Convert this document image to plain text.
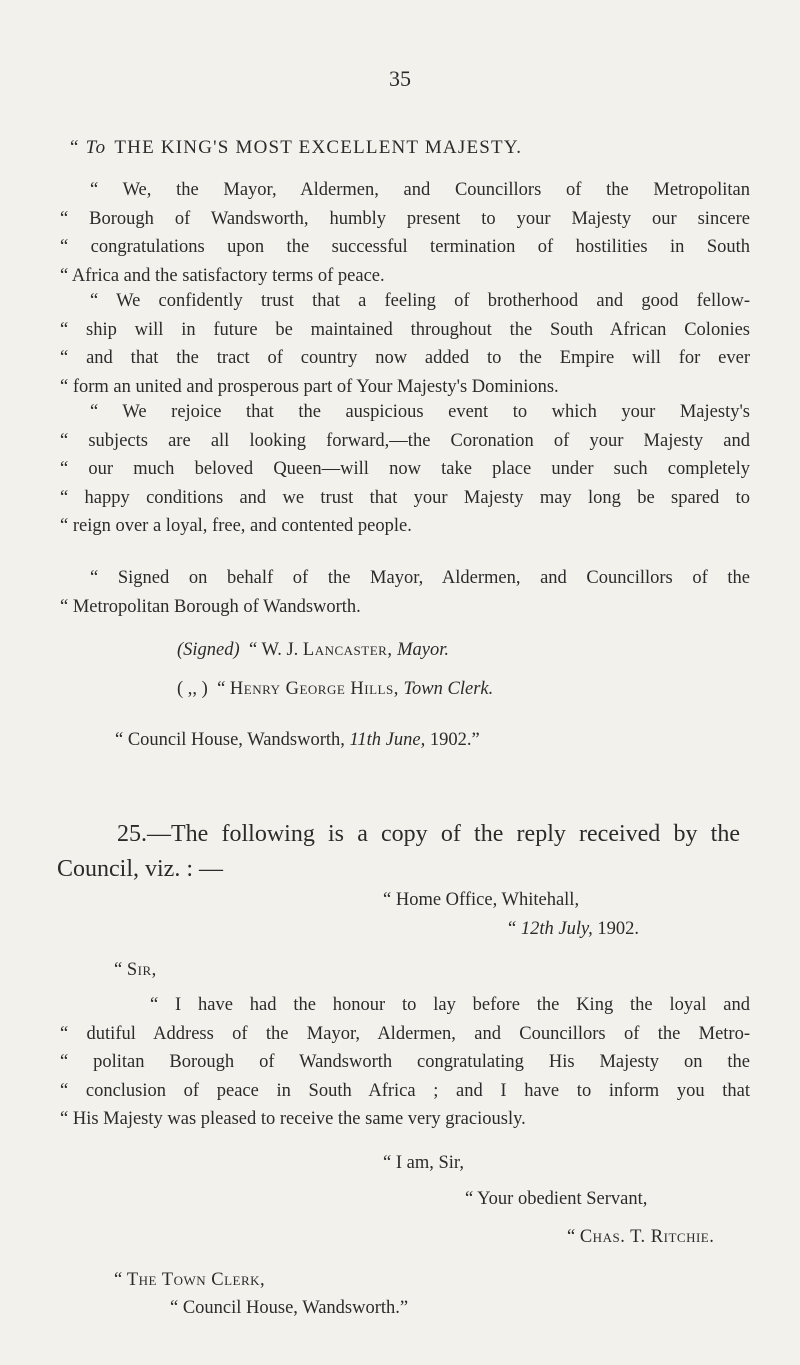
35
“ To THE KING'S MOST EXCELLENT MAJESTY.
“ We, the Mayor, Aldermen, and Councillors of the Metropolitan
“ Borough of Wandsworth, humbly present to your Majesty our sincere
“ congratulations upon the successful termination of hostilities in South
“ Africa and the satisfactory terms of peace.
“ We confidently trust that a feeling of brotherhood and good fellow-
“ ship will in future be maintained throughout the South African Colonies
“ and that the tract of country now added to the Empire will for ever
“ form an united and prosperous part of Your Majesty's Dominions.
“ We rejoice that the auspicious event to which your Majesty's
“ subjects are all looking forward,—the Coronation of your Majesty and
“ our much beloved Queen—will now take place under such completely
“ happy conditions and we trust that your Majesty may long be spared to
“ reign over a loyal, free, and contented people.
“ Signed on behalf of the Mayor, Aldermen, and Councillors of the
“ Metropolitan Borough of Wandsworth.
(Signed) “ W. J. Lancaster, Mayor.
( ,, ) “ Henry George Hills, Town Clerk.
“ Council House, Wandsworth, 11th June, 1902.”
25.—The following is a copy of the reply received by the
Council, viz. : —
“ Home Office, Whitehall,
“ 12th July, 1902.
“ Sir,
“ I have had the honour to lay before the King the loyal and
“ dutiful Address of the Mayor, Aldermen, and Councillors of the Metro-
“ politan Borough of Wandsworth congratulating His Majesty on the
“ conclusion of peace in South Africa ; and I have to inform you that
“ His Majesty was pleased to receive the same very graciously.
“ I am, Sir,
“ Your obedient Servant,
“ Chas. T. Ritchie.
“ The Town Clerk,
“ Council House, Wandsworth.”
